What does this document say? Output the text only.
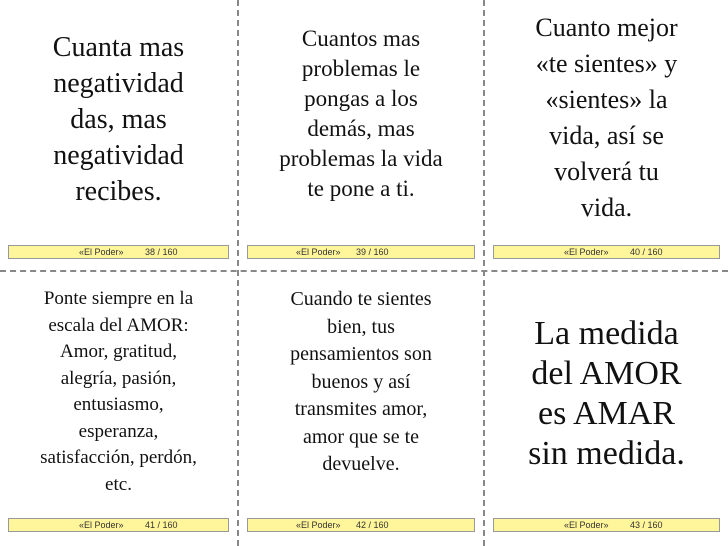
Cuanta mas
negatividad
das, mas
negatividad
recibes.
«El Poder» 38 / 160
Cuantos mas
problemas le
pongas a los
demás, mas
problemas la vida
te pone a ti.
«El Poder» 39 / 160
Cuanto mejor
«te sientes» y
«sientes» la
vida, así se
volverá tu
vida.
«El Poder» 40 / 160
Ponte siempre en la
escala del AMOR:
Amor, gratitud,
alegría, pasión,
entusiasmo,
esperanza,
satisfacción, perdón,
etc.
«El Poder» 41 / 160
Cuando te sientes
bien, tus
pensamientos son
buenos y así
transmites amor,
amor que se te
devuelve.
«El Poder» 42 / 160
La medida
del AMOR
es AMAR
sin medida.
«El Poder» 43 / 160
